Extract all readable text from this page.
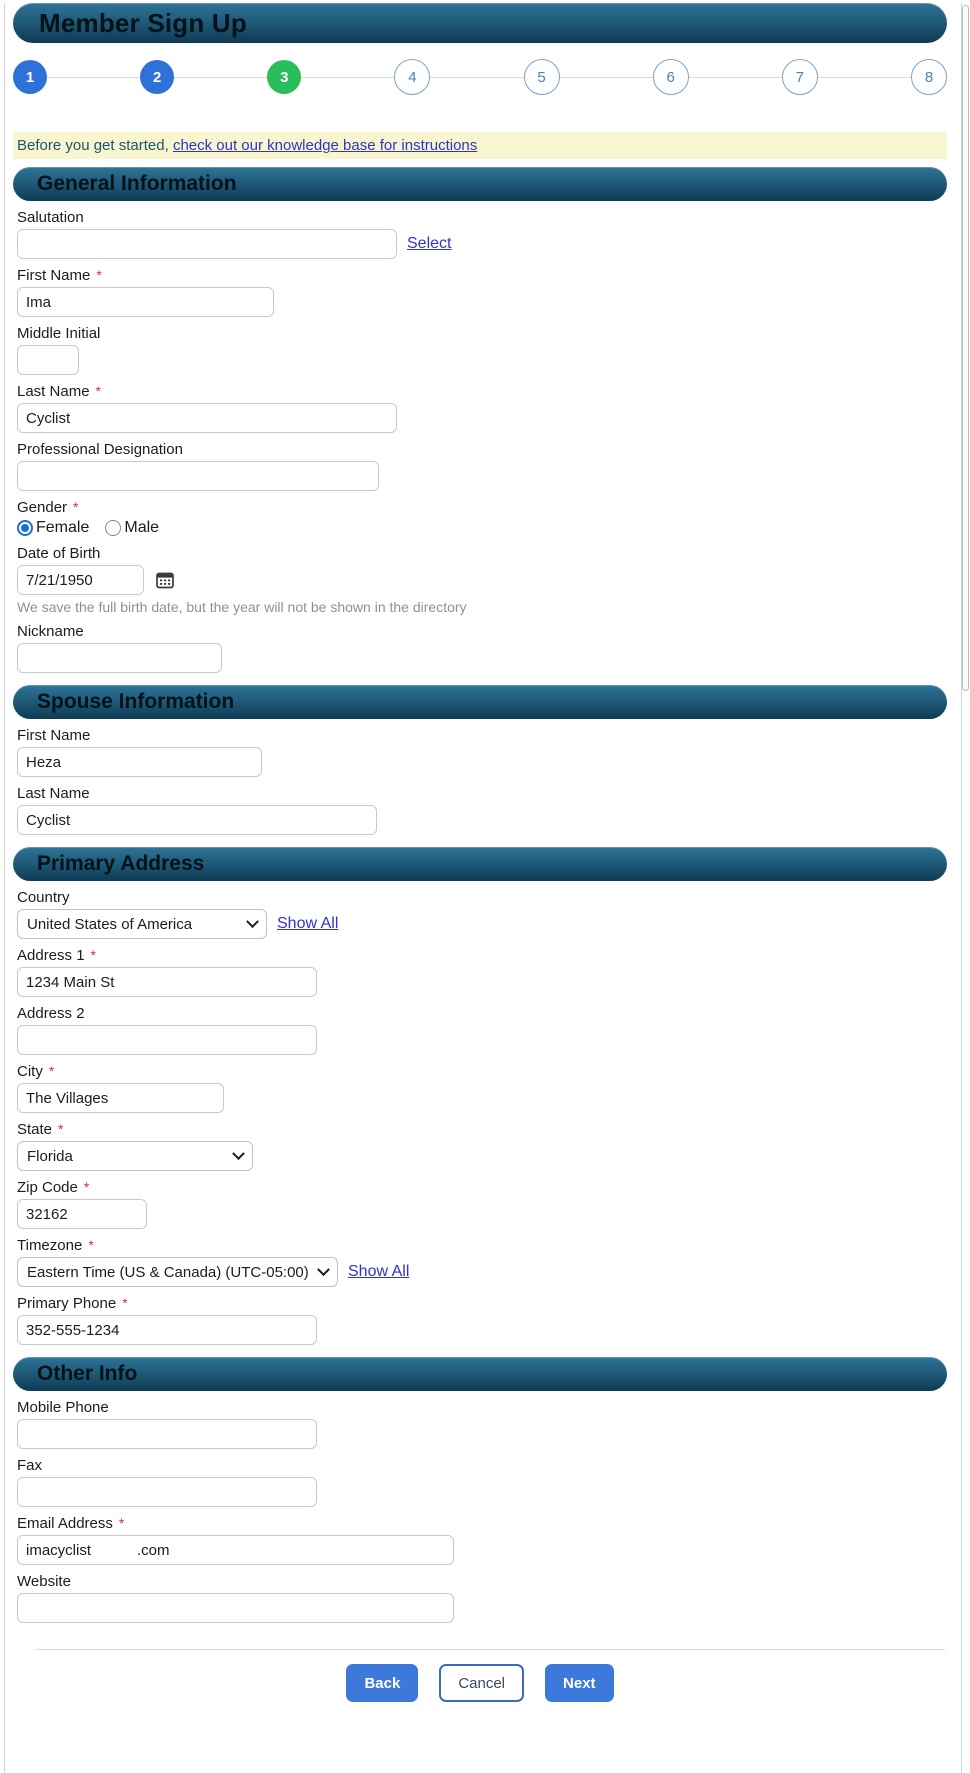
Member Sign Up
1	2	3	4	5	6	7	8
Before you get started, check out our knowledge base for instructions
General Information
Salutation
Select
First Name *
Ima
Middle Initial
Last Name *
Cyclist
Professional Designation
Gender *
Female Male
Date of Birth
7/21/1950
We save the full birth date, but the year will not be shown in the directory
Nickname
Spouse Information
First Name
Heza
Last Name
Cyclist
Primary Address
Country
United States of America	Show All
Address 1 *
1234 Main St
Address 2
City *
The Villages
State *
Florida
Zip Code *
32162
Timezone *
Eastern Time (US & Canada) (UTC-05:00) Show All
Primary Phone *
352-555-1234
Other Info
Mobile Phone
Fax
Email Address *
imacyclist	.com
Website
Back	Cancel	Next
